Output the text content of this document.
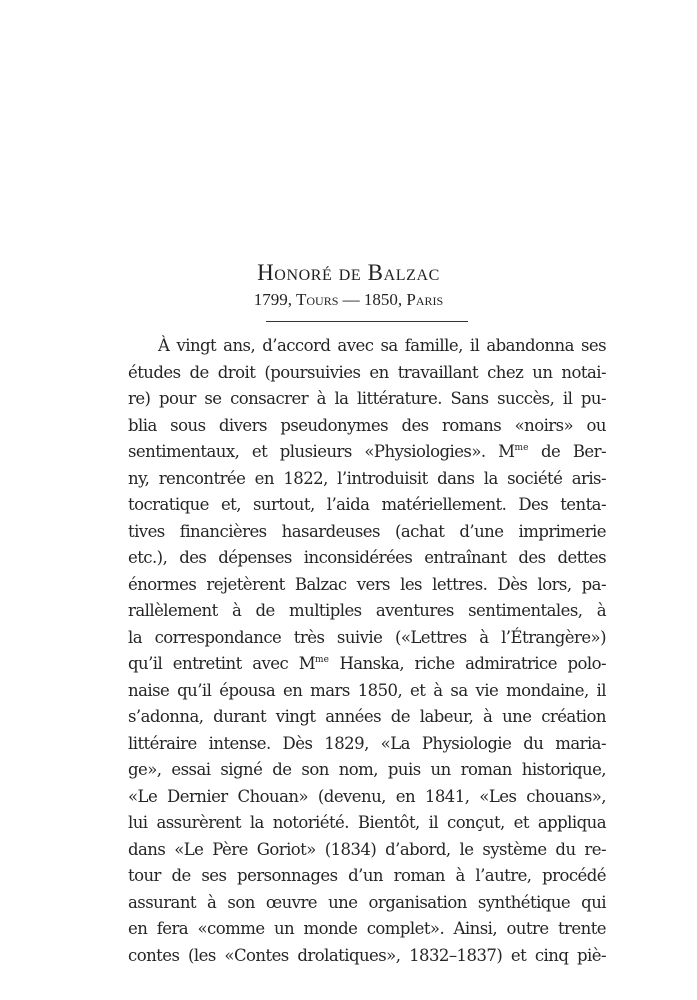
Honoré de Balzac
1799, Tours — 1850, Paris
À vingt ans, d’accord avec sa famille, il abandonna ses
études de droit (poursuivies en travaillant chez un notai-
re) pour se consacrer à la littérature. Sans succès, il pu-
blia sous divers pseudonymes des romans «noirs» ou
sentimentaux, et plusieurs «Physiologies». $M^{me}$ de Ber-
ny, rencontrée en 1822, l’introduisit dans la société aris-
tocratique et, surtout, l’aida matériellement. Des tenta-
tives financières hasardeuses (achat d’une imprimerie
etc.), des dépenses inconsidérées entraînant des dettes
énormes rejetèrent Balzac vers les lettres. Dès lors, pa-
rallèlement à de multiples aventures sentimentales, à
la correspondance très suivie («Lettres à l’Étrangère»)
qu’il entretint avec $M^{me}$ Hanska, riche admiratrice polo-
naise qu’il épousa en mars 1850, et à sa vie mondaine, il
s’adonna, durant vingt années de labeur, à une création
littéraire intense. Dès 1829, «La Physiologie du maria-
ge», essai signé de son nom, puis un roman historique,
«Le Dernier Chouan» (devenu, en 1841, «Les chouans»,
lui assurèrent la notoriété. Bientôt, il conçut, et appliqua
dans «Le Père Goriot» (1834) d’abord, le système du re-
tour de ses personnages d’un roman à l’autre, procédé
assurant à son œuvre une organisation synthétique qui
en fera «comme un monde complet». Ainsi, outre trente
contes (les «Contes drolatiques», 1832–1837) et cinq piè-
